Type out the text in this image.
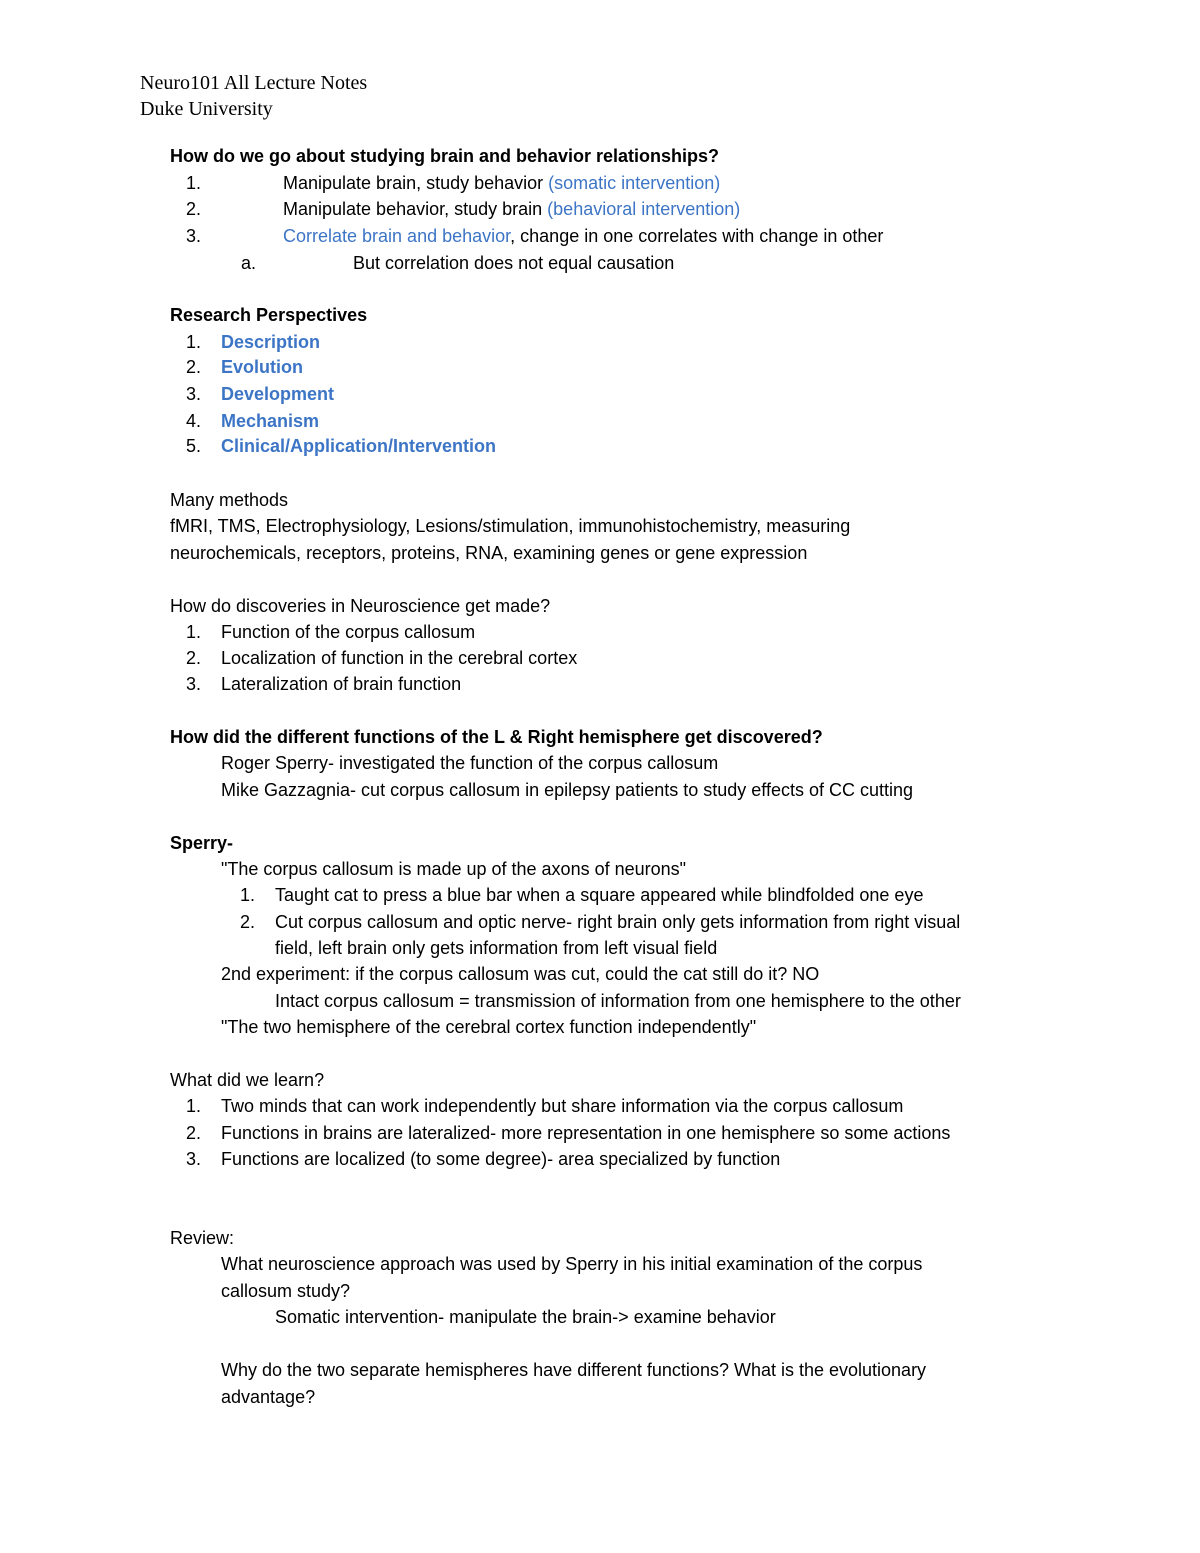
Neuro101 All Lecture Notes
Duke University
How do we go about studying brain and behavior relationships?
1.	Manipulate brain, study behavior (somatic intervention)
2.	Manipulate behavior, study brain (behavioral intervention)
3.	Correlate brain and behavior, change in one correlates with change in other
a.	But correlation does not equal causation
Research Perspectives
1. Description
2. Evolution
3. Development
4. Mechanism
5. Clinical/Application/Intervention
Many methods
fMRI, TMS, Electrophysiology, Lesions/stimulation, immunohistochemistry, measuring
neurochemicals, receptors, proteins, RNA, examining genes or gene expression
How do discoveries in Neuroscience get made?
1. Function of the corpus callosum
2. Localization of function in the cerebral cortex
3. Lateralization of brain function
How did the different functions of the L & Right hemisphere get discovered?
Roger Sperry- investigated the function of the corpus callosum
Mike Gazzagnia- cut corpus callosum in epilepsy patients to study effects of CC cutting
Sperry-
"The corpus callosum is made up of the axons of neurons"
1. Taught cat to press a blue bar when a square appeared while blindfolded one eye
2. Cut corpus callosum and optic nerve- right brain only gets information from right visual
field, left brain only gets information from left visual field
2nd experiment: if the corpus callosum was cut, could the cat still do it? NO
Intact corpus callosum = transmission of information from one hemisphere to the other
"The two hemisphere of the cerebral cortex function independently"
What did we learn?
1. Two minds that can work independently but share information via the corpus callosum
2. Functions in brains are lateralized- more representation in one hemisphere so some actions
3. Functions are localized (to some degree)- area specialized by function
Review:
What neuroscience approach was used by Sperry in his initial examination of the corpus
callosum study?
Somatic intervention- manipulate the brain-> examine behavior
Why do the two separate hemispheres have different functions? What is the evolutionary
advantage?
